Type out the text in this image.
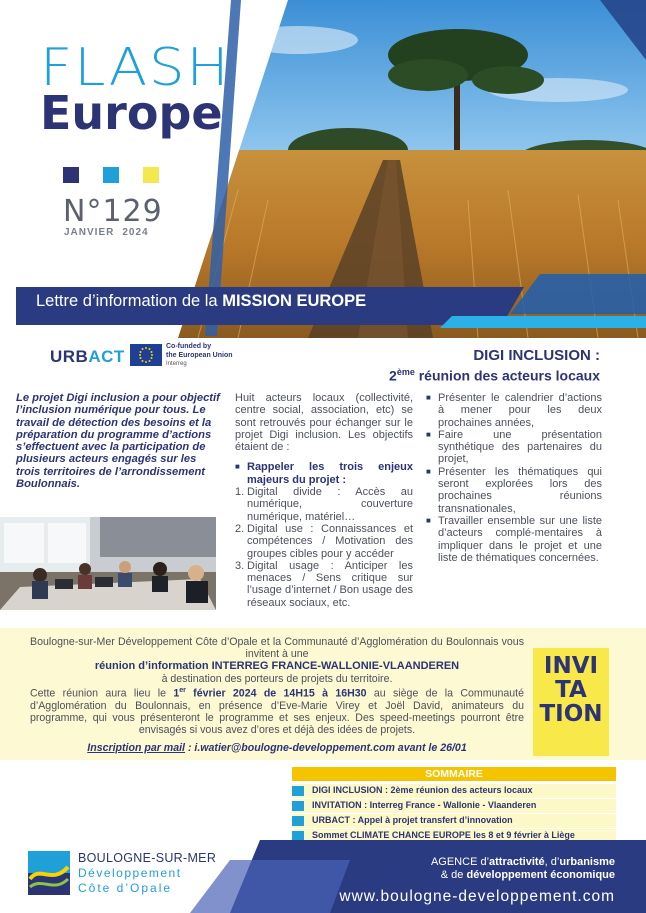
FLASH
Europe
N°129
JANVIER 2024
Lettre d’information de la MISSION EUROPE
URBACT
Co-funded by
the European Union
Interreg	DIGI INCLUSION :
2ème réunion des acteurs locaux
Le projet Digi inclusion a pour objectif l’inclusion numérique pour tous. Le travail de détection des besoins et la préparation du programme d’actions s’effectuent avec la participation de plusieurs acteurs engagés sur les trois territoires de l’arrondissement Boulonnais.

Huit acteurs locaux (collectivité, centre social, association, etc) se sont retrouvés pour échanger sur le projet Digi inclusion. Les objectifs étaient de :

■ Rappeler les trois enjeux majeurs du projet :
1. Digital divide : Accès au numérique, couverture numérique, matériel…
2. Digital use : Connaissances et compétences / Motivation des groupes cibles pour y accéder
3. Digital usage : Anticiper les menaces / Sens critique sur l’usage d’internet / Bon usage des réseaux sociaux, etc.
■ Présenter le calendrier d’actions à mener pour les deux prochaines années,
■ Faire une présentation synthétique des partenaires du projet,
■ Présenter les thématiques qui seront explorées lors des prochaines réunions transnationales,
■ Travailler ensemble sur une liste d’acteurs complé-mentaires à impliquer dans le projet et une liste de thématiques concernées.
Boulogne-sur-Mer Développement Côte d’Opale et la Communauté d’Agglomération du Boulonnais vous invitent à une
réunion d’information INTERREG FRANCE-WALLONIE-VLAANDEREN
à destination des porteurs de projets du territoire.
Cette réunion aura lieu le 1er février 2024 de 14H15 à 16H30 au siège de la Communauté d’Agglomération du Boulonnais, en présence d’Eve-Marie Virey et Joël David, animateurs du programme, qui vous présenteront le programme et ses enjeux. Des speed-meetings pourront être envisagés si vous avez d’ores et déjà des idées de projets.
Inscription par mail : i.watier@boulogne-developpement.com avant le 26/01
INVI
TA
TION
SOMMAIRE
DIGI INCLUSION : 2ème réunion des acteurs locaux
INVITATION : Interreg France - Wallonie - Vlaanderen
URBACT : Appel à projet transfert d’innovation
Sommet CLIMATE CHANCE EUROPE les 8 et 9 février à Liège
BOULOGNE-SUR-MER
Développement
Côte d’Opale
AGENCE d’attractivité, d’urbanisme
& de développement économique
www.boulogne-developpement.com
